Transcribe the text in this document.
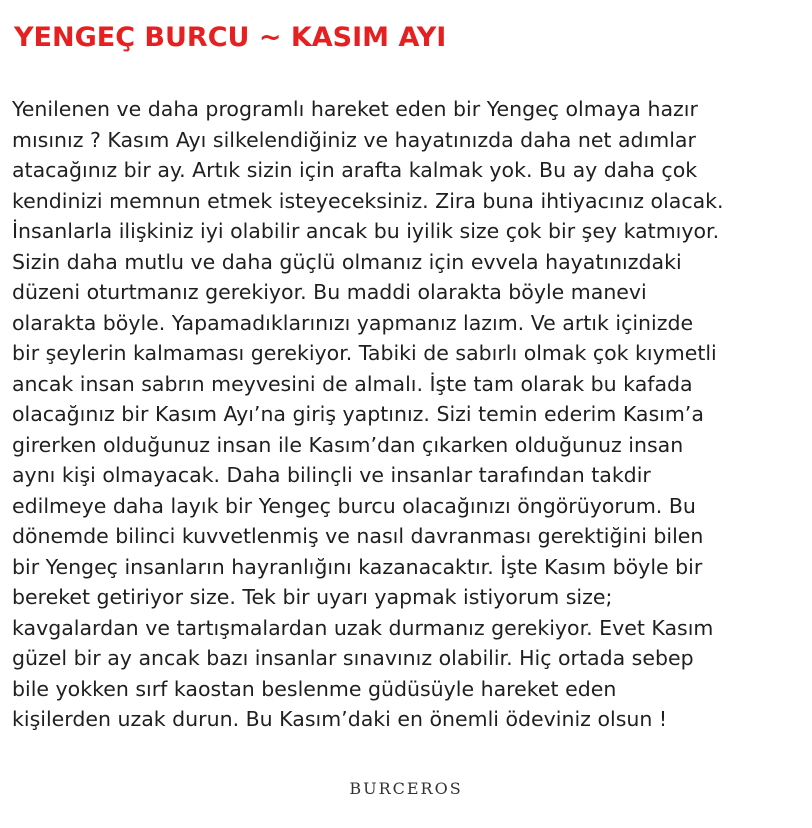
YENGEÇ BURCU ~ KASIM AYI
Yenilenen ve daha programlı hareket eden bir Yengeç olmaya hazır
mısınız ? Kasım Ayı silkelendiğiniz ve hayatınızda daha net adımlar
atacağınız bir ay. Artık sizin için arafta kalmak yok. Bu ay daha çok
kendinizi memnun etmek isteyeceksiniz. Zira buna ihtiyacınız olacak.
İnsanlarla ilişkiniz iyi olabilir ancak bu iyilik size çok bir şey katmıyor.
Sizin daha mutlu ve daha güçlü olmanız için evvela hayatınızdaki
düzeni oturtmanız gerekiyor. Bu maddi olarakta böyle manevi
olarakta böyle. Yapamadıklarınızı yapmanız lazım. Ve artık içinizde
bir şeylerin kalmaması gerekiyor. Tabiki de sabırlı olmak çok kıymetli
ancak insan sabrın meyvesini de almalı. İşte tam olarak bu kafada
olacağınız bir Kasım Ayı’na giriş yaptınız. Sizi temin ederim Kasım’a
girerken olduğunuz insan ile Kasım’dan çıkarken olduğunuz insan
aynı kişi olmayacak. Daha bilinçli ve insanlar tarafından takdir
edilmeye daha layık bir Yengeç burcu olacağınızı öngörüyorum. Bu
dönemde bilinci kuvvetlenmiş ve nasıl davranması gerektiğini bilen
bir Yengeç insanların hayranlığını kazanacaktır. İşte Kasım böyle bir
bereket getiriyor size. Tek bir uyarı yapmak istiyorum size;
kavgalardan ve tartışmalardan uzak durmanız gerekiyor. Evet Kasım
güzel bir ay ancak bazı insanlar sınavınız olabilir. Hiç ortada sebep
bile yokken sırf kaostan beslenme güdüsüyle hareket eden
kişilerden uzak durun. Bu Kasım’daki en önemli ödeviniz olsun !
BURCEROS
